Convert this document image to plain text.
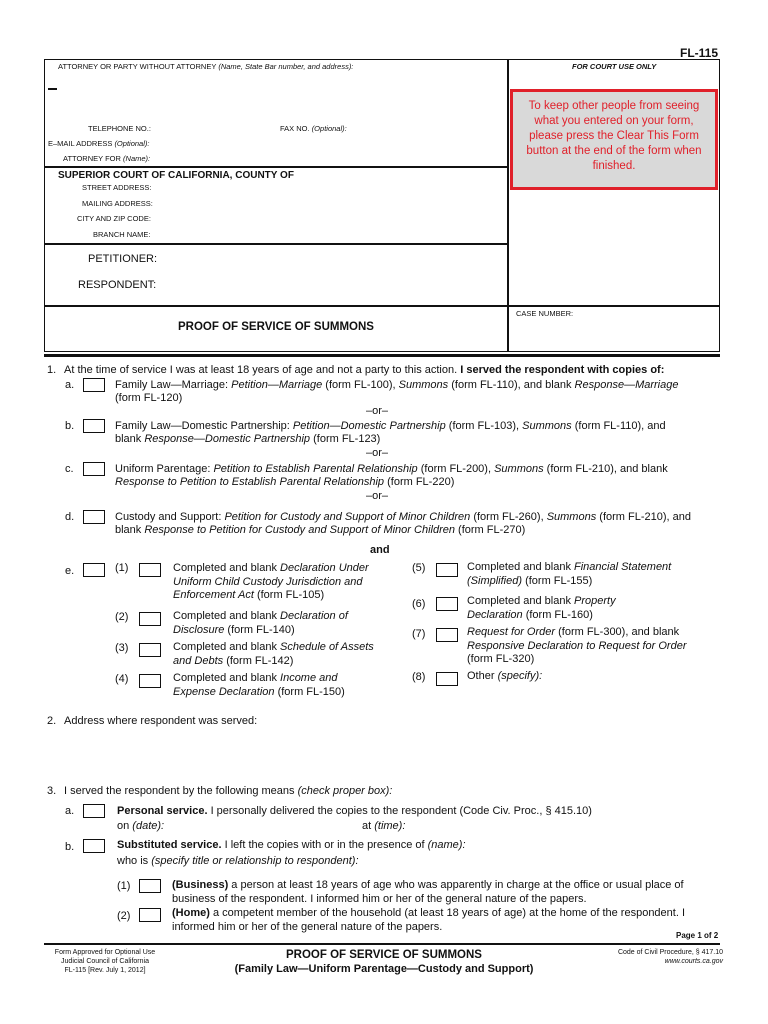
FL-115
ATTORNEY OR PARTY WITHOUT ATTORNEY (Name, State Bar number, and address):	FOR COURT USE ONLY
To keep other people from seeing what you entered on your form, please press the Clear This Form button at the end of the form when finished.
TELEPHONE NO.:	FAX NO. (Optional):
E–MAIL ADDRESS (Optional):
ATTORNEY FOR (Name):
SUPERIOR COURT OF CALIFORNIA, COUNTY OF
STREET ADDRESS:
MAILING ADDRESS:
CITY AND ZIP CODE:
BRANCH NAME:
PETITIONER:
RESPONDENT:
PROOF OF SERVICE OF SUMMONS
CASE NUMBER:
1. At the time of service I was at least 18 years of age and not a party to this action. I served the respondent with copies of:
a.	Family Law—Marriage: Petition—Marriage (form FL-100), Summons (form FL-110), and blank Response—Marriage
(form FL-120)
–or–
b.	Family Law—Domestic Partnership: Petition—Domestic Partnership (form FL-103), Summons (form FL-110), and
blank Response—Domestic Partnership (form FL-123)
–or–
c.	Uniform Parentage: Petition to Establish Parental Relationship (form FL-200), Summons (form FL-210), and blank
Response to Petition to Establish Parental Relationship (form FL-220)
–or–
d.	Custody and Support: Petition for Custody and Support of Minor Children (form FL-260), Summons (form FL-210), and
blank Response to Petition for Custody and Support of Minor Children (form FL-270)
and
e.	(1)	Completed and blank Declaration Under
Uniform Child Custody Jurisdiction and
Enforcement Act (form FL-105)
(2)	Completed and blank Declaration of
Disclosure (form FL-140)
(3)	Completed and blank Schedule of Assets
and Debts (form FL-142)
(4)	Completed and blank Income and
Expense Declaration (form FL-150)
(5)	Completed and blank Financial Statement
(Simplified) (form FL-155)
(6)	Completed and blank Property
Declaration (form FL-160)
(7)	Request for Order (form FL-300), and blank
Responsive Declaration to Request for Order
(form FL-320)
(8)	Other (specify):
2. Address where respondent was served:
3. I served the respondent by the following means (check proper box):
a.	Personal service. I personally delivered the copies to the respondent (Code Civ. Proc., § 415.10)
on (date):	at (time):
b.	Substituted service. I left the copies with or in the presence of (name):
who is (specify title or relationship to respondent):
(1)	(Business) a person at least 18 years of age who was apparently in charge at the office or usual place of
business of the respondent. I informed him or her of the general nature of the papers.
(2)	(Home) a competent member of the household (at least 18 years of age) at the home of the respondent. I
informed him or her of the general nature of the papers.
Page 1 of 2
Form Approved for Optional Use
Judicial Council of California
FL-115 [Rev. July 1, 2012]
PROOF OF SERVICE OF SUMMONS
(Family Law—Uniform Parentage—Custody and Support)
Code of Civil Procedure, § 417.10
www.courts.ca.gov
